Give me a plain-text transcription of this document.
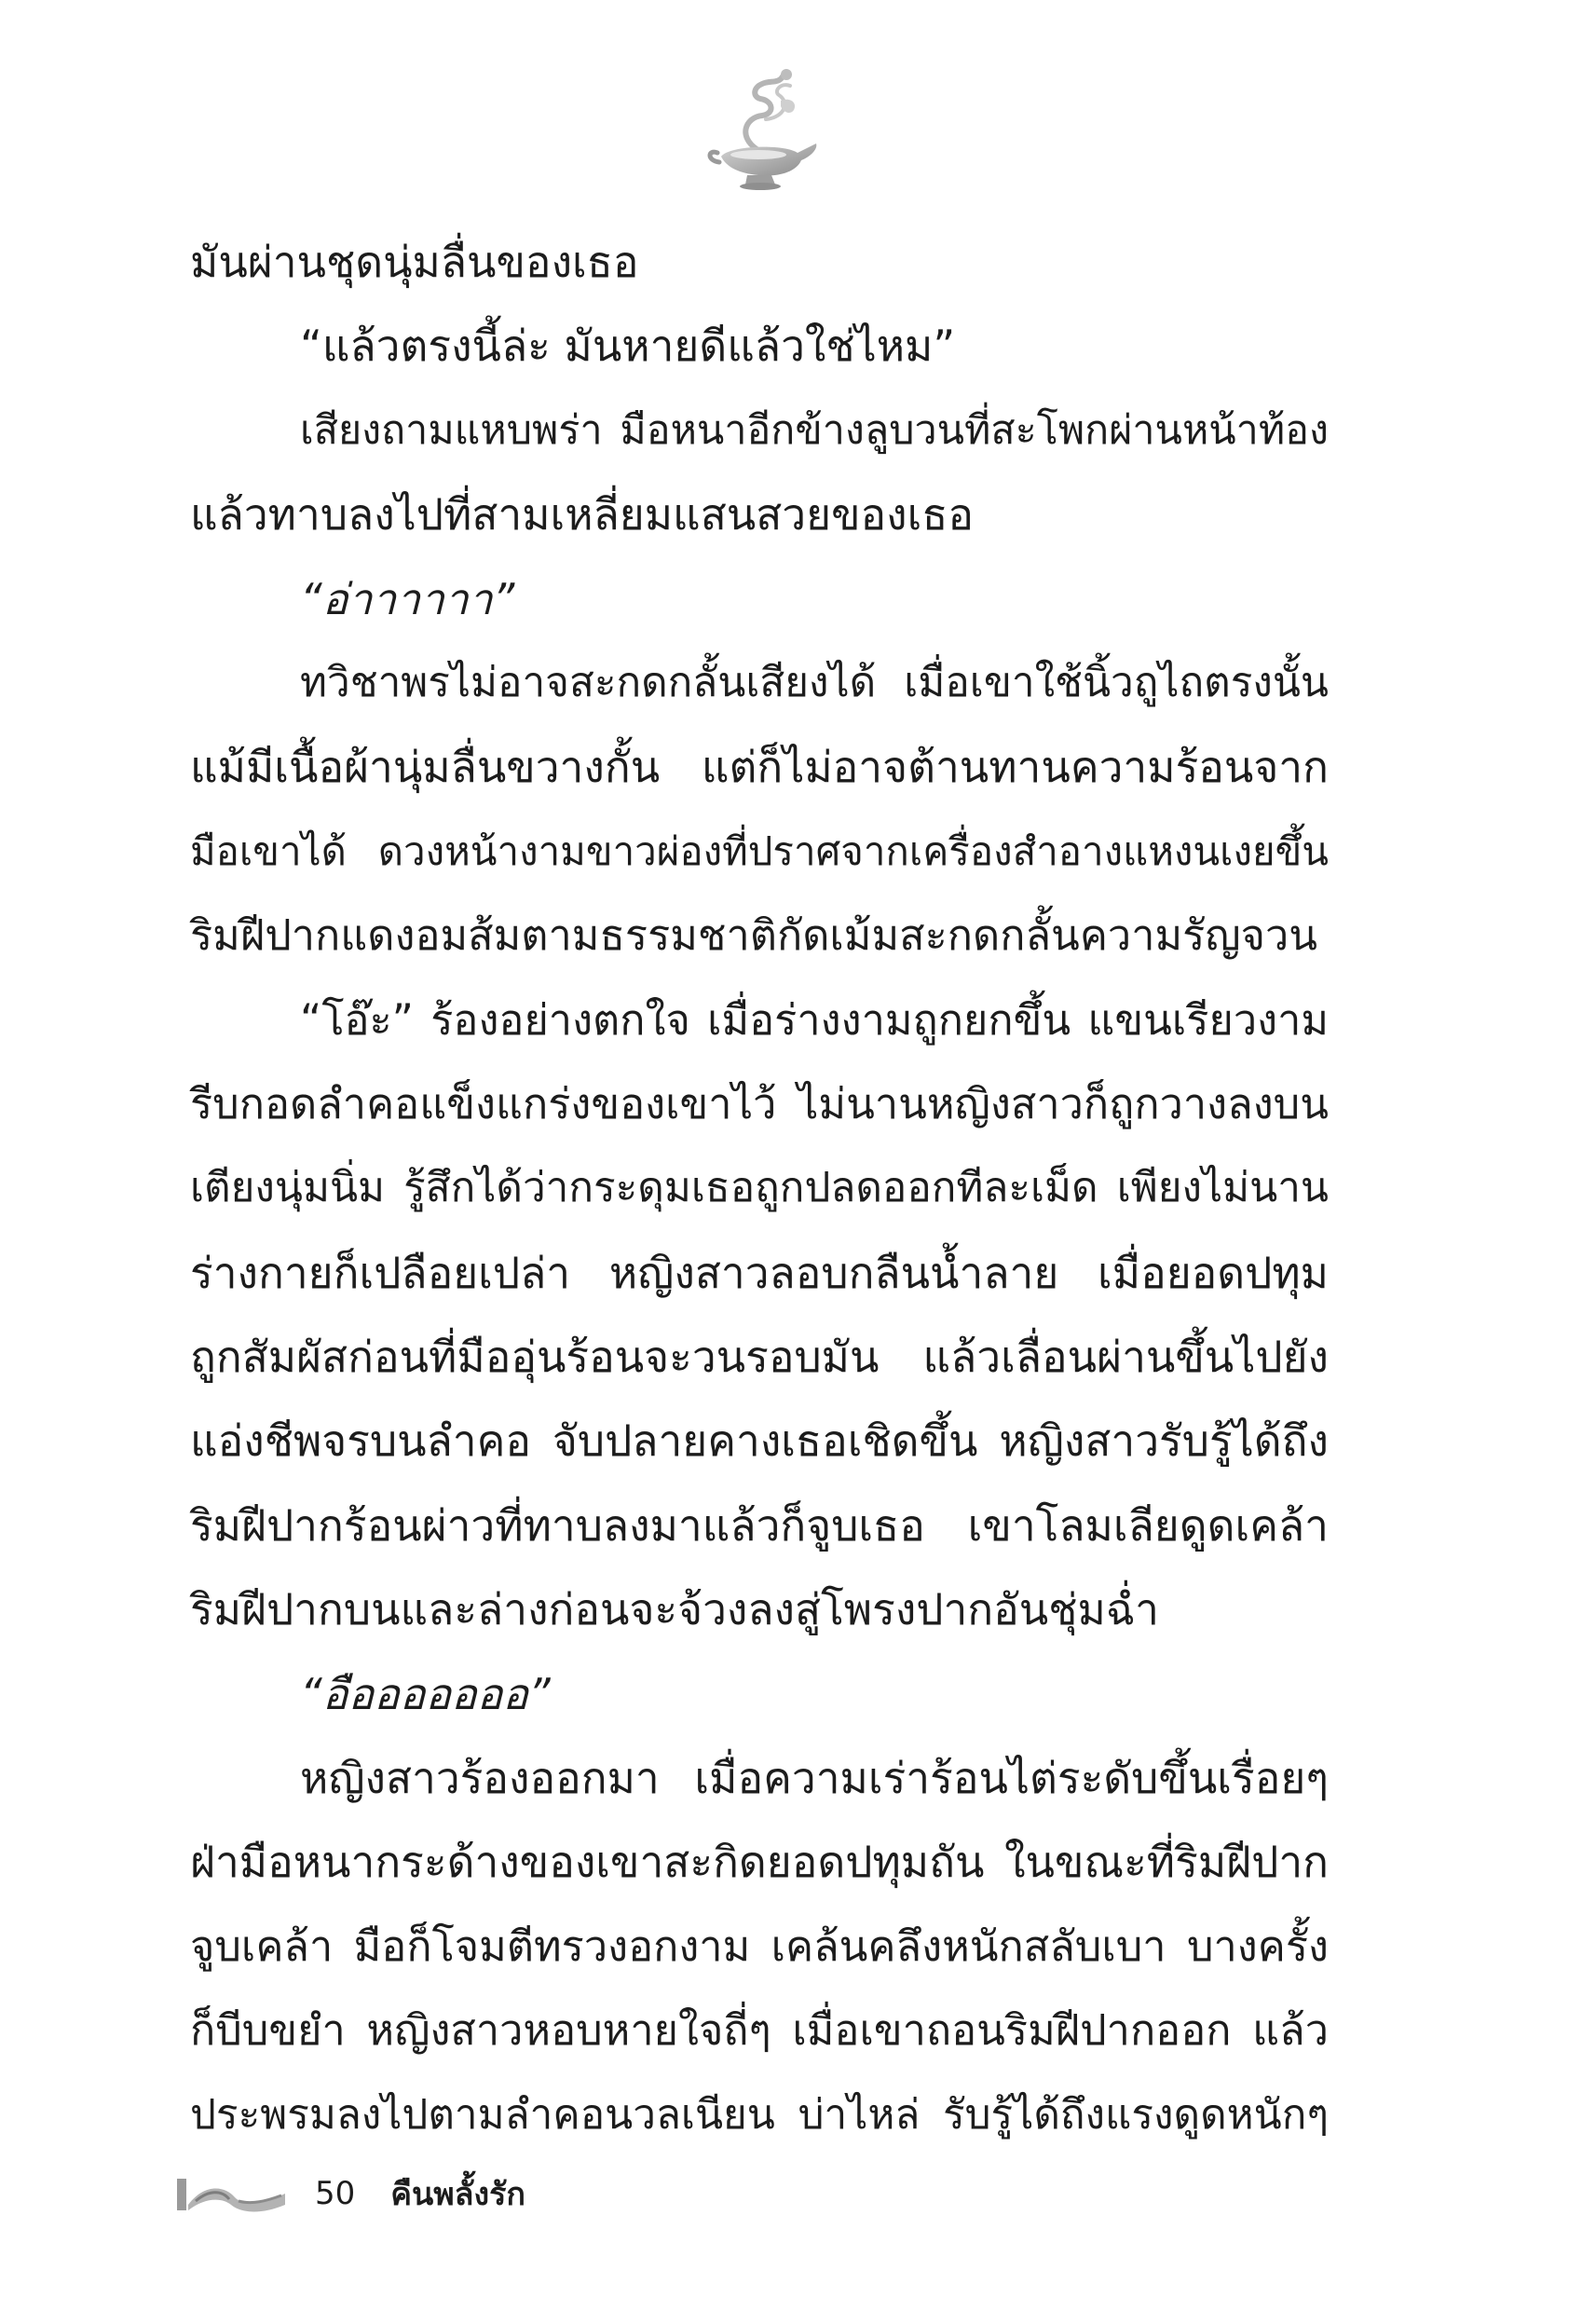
มันผ่านชุดนุ่มลื่นของเธอ
“แล้วตรงนี้ล่ะ มันหายดีแล้วใช่ไหม”
เสียงถามแหบพร่า มือหนาอีกข้างลูบวนที่สะโพกผ่านหน้าท้อง
แล้วทาบลงไปที่สามเหลี่ยมแสนสวยของเธอ
“อ่าาาาาา”
ทวิชาพรไม่อาจสะกดกลั้นเสียงได้ เมื่อเขาใช้นิ้วถูไถตรงนั้น
แม้มีเนื้อผ้านุ่มลื่นขวางกั้น แต่ก็ไม่อาจต้านทานความร้อนจาก
มือเขาได้ ดวงหน้างามขาวผ่องที่ปราศจากเครื่องสำอางแหงนเงยขึ้น
ริมฝีปากแดงอมส้มตามธรรมชาติกัดเม้มสะกดกลั้นความรัญจวน
“โอ๊ะ” ร้องอย่างตกใจ เมื่อร่างงามถูกยกขึ้น แขนเรียวงาม
รีบกอดลำคอแข็งแกร่งของเขาไว้ ไม่นานหญิงสาวก็ถูกวางลงบน
เตียงนุ่มนิ่ม รู้สึกได้ว่ากระดุมเธอถูกปลดออกทีละเม็ด เพียงไม่นาน
ร่างกายก็เปลือยเปล่า หญิงสาวลอบกลืนน้ำลาย เมื่อยอดปทุม
ถูกสัมผัสก่อนที่มืออุ่นร้อนจะวนรอบมัน แล้วเลื่อนผ่านขึ้นไปยัง
แอ่งชีพจรบนลำคอ จับปลายคางเธอเชิดขึ้น หญิงสาวรับรู้ได้ถึง
ริมฝีปากร้อนผ่าวที่ทาบลงมาแล้วก็จูบเธอ เขาโลมเลียดูดเคล้า
ริมฝีปากบนและล่างก่อนจะจ้วงลงสู่โพรงปากอันชุ่มฉ่ำ
“อือออออออ”
หญิงสาวร้องออกมา เมื่อความเร่าร้อนไต่ระดับขึ้นเรื่อยๆ
ฝ่ามือหนากระด้างของเขาสะกิดยอดปทุมถัน ในขณะที่ริมฝีปาก
จูบเคล้า มือก็โจมตีทรวงอกงาม เคล้นคลึงหนักสลับเบา บางครั้ง
ก็บีบขยำ หญิงสาวหอบหายใจถี่ๆ เมื่อเขาถอนริมฝีปากออก แล้ว
ประพรมลงไปตามลำคอนวลเนียน บ่าไหล่ รับรู้ได้ถึงแรงดูดหนักๆ
50 คืนพลั้งรัก
